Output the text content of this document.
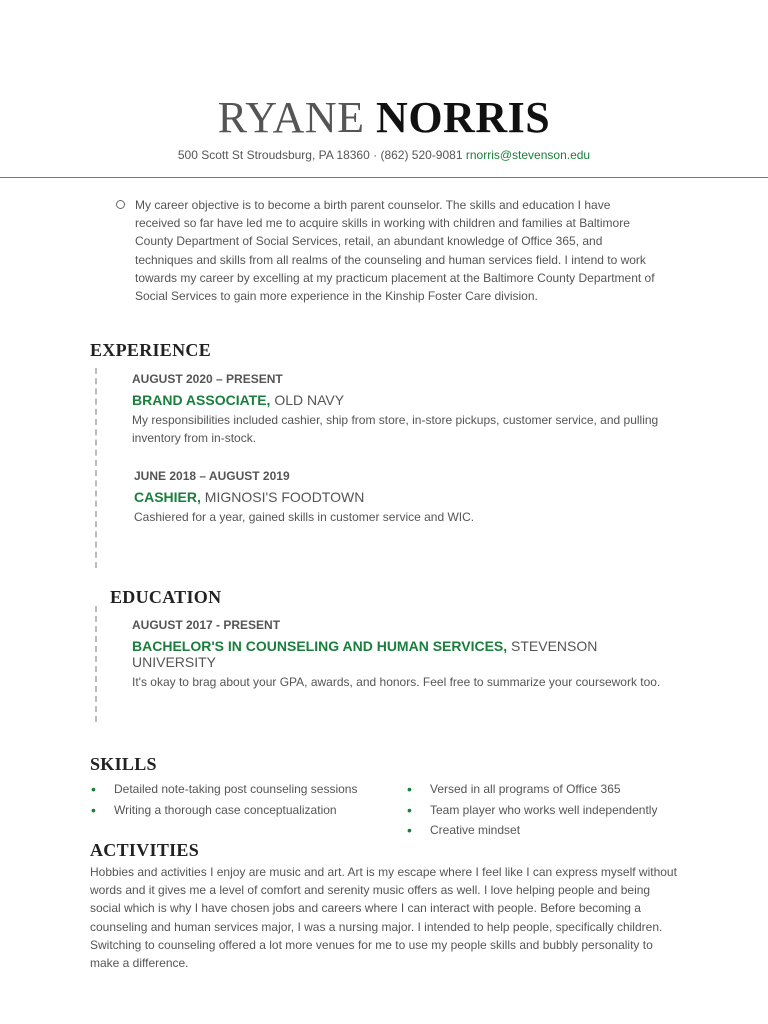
RYANE NORRIS
500 Scott St Stroudsburg, PA 18360 · (862) 520-9081 rnorris@stevenson.edu
My career objective is to become a birth parent counselor. The skills and education I have received so far have led me to acquire skills in working with children and families at Baltimore County Department of Social Services, retail, an abundant knowledge of Office 365, and techniques and skills from all realms of the counseling and human services field. I intend to work towards my career by excelling at my practicum placement at the Baltimore County Department of Social Services to gain more experience in the Kinship Foster Care division.
EXPERIENCE
AUGUST 2020 – PRESENT
BRAND ASSOCIATE, OLD NAVY
My responsibilities included cashier, ship from store, in-store pickups, customer service, and pulling inventory from in-stock.
JUNE 2018 – AUGUST 2019
CASHIER, MIGNOSI'S FOODTOWN
Cashiered for a year, gained skills in customer service and WIC.
EDUCATION
AUGUST 2017 - PRESENT
BACHELOR'S IN COUNSELING AND HUMAN SERVICES, STEVENSON UNIVERSITY
It's okay to brag about your GPA, awards, and honors. Feel free to summarize your coursework too.
SKILLS
• Detailed note-taking post counseling sessions
• Writing a thorough case conceptualization
• Versed in all programs of Office 365
• Team player who works well independently
• Creative mindset
ACTIVITIES
Hobbies and activities I enjoy are music and art. Art is my escape where I feel like I can express myself without words and it gives me a level of comfort and serenity music offers as well. I love helping people and being social which is why I have chosen jobs and careers where I can interact with people. Before becoming a counseling and human services major, I was a nursing major. I intended to help people, specifically children. Switching to counseling offered a lot more venues for me to use my people skills and bubbly personality to make a difference.
